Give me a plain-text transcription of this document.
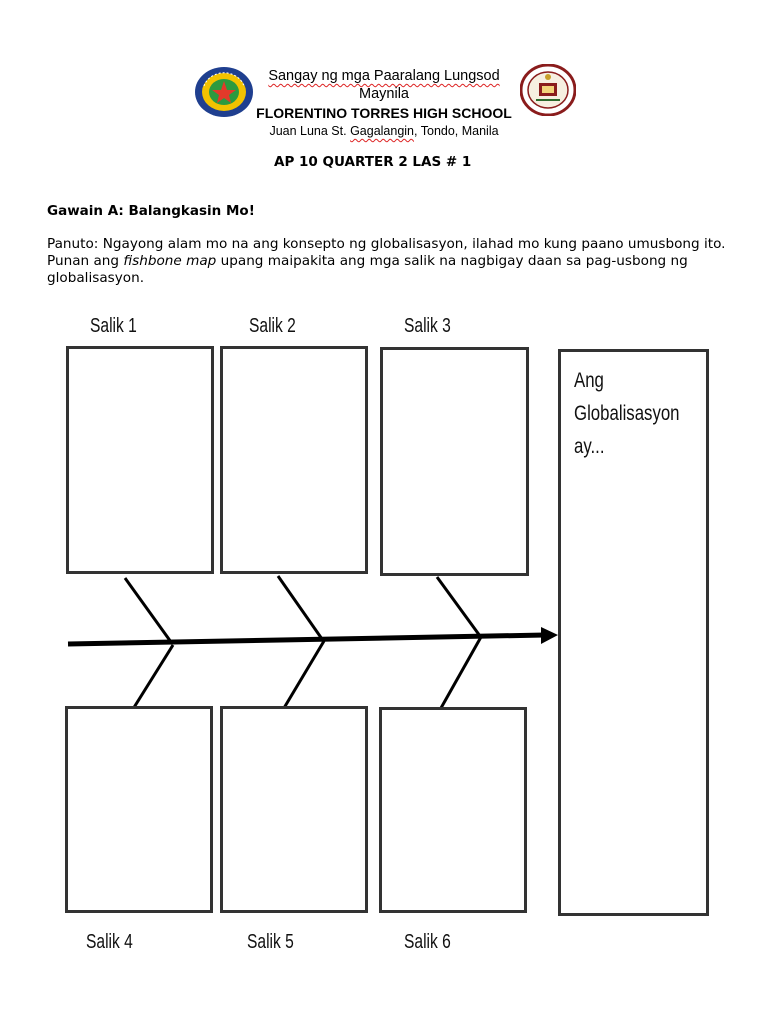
Sangay ng mga Paaralang Lungsod
Maynila
FLORENTINO TORRES HIGH SCHOOL
Juan Luna St. Gagalangin, Tondo, Manila
AP 10 QUARTER 2 LAS # 1
Gawain A: Balangkasin Mo!
Panuto: Ngayong alam mo na ang konsepto ng globalisasyon, ilahad mo kung paano umusbong ito. Punan ang fishbone map upang maipakita ang mga salik na nagbigay daan sa pag-usbong ng globalisasyon.
Salik 1	Salik 2	Salik 3
Salik 4	Salik 5	Salik 6
Ang
Globalisasyon
ay...
